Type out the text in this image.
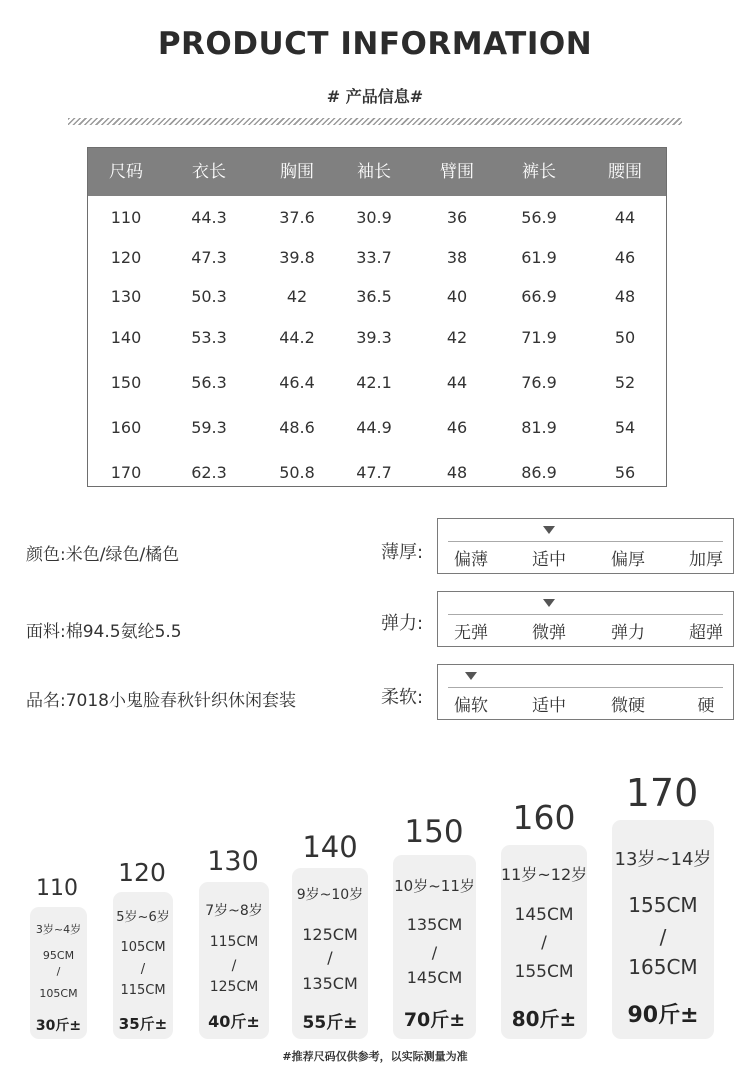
PRODUCT INFORMATION
# 产品信息#
尺码	衣长	胸围	袖长	臂围	裤长	腰围
110	44.3	37.6	30.9	36	56.9	44
120	47.3	39.8	33.7	38	61.9	46
130	50.3	42	36.5	40	66.9	48
140	53.3	44.2	39.3	42	71.9	50
150	56.3	46.4	42.1	44	76.9	52
160	59.3	48.6	44.9	46	81.9	54
170	62.3	50.8	47.7	48	86.9	56
颜色:米色/绿色/橘色
面料:棉94.5氨纶5.5
品名:7018小鬼脸春秋针织休闲套装
薄厚: 偏薄	适中	偏厚	加厚
弹力: 无弹	微弹	弹力	超弹
柔软: 偏软	适中	微硬	硬
110
3岁~4岁
95CM
/
105CM
30斤±
120
5岁~6岁
105CM
/
115CM
35斤±
130
7岁~8岁
115CM
/
125CM
40斤±
140
9岁~10岁
125CM
/
135CM
55斤±
150
10岁~11岁
135CM
/
145CM
70斤±
160
11岁~12岁
145CM
/
155CM
80斤±
170
13岁~14岁
155CM
/
165CM
90斤±
#推荐尺码仅供参考，以实际测量为准
